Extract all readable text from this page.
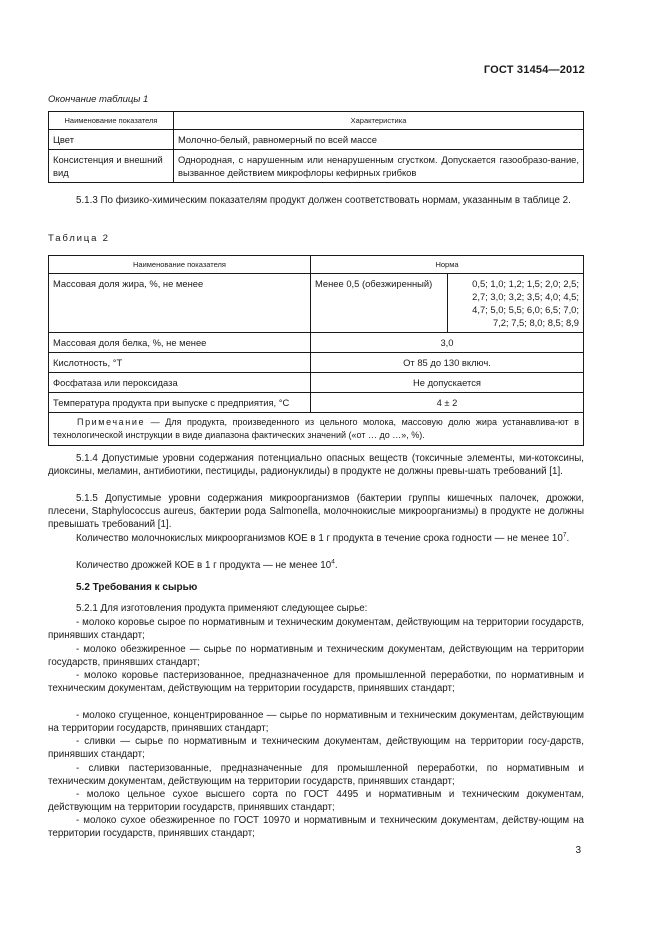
ГОСТ 31454—2012
Окончание таблицы 1
Наименование показателя	Характеристика
Цвет	Молочно-белый, равномерный по всей массе
Консистенция и внешний вид	Однородная, с нарушенным или ненарушенным сгустком. Допускается газообразо-вание, вызванное действием микрофлоры кефирных грибков

5.1.3 По физико-химическим показателям продукт должен соответствовать нормам, указанным в таблице 2.

Таблица 2
Наименование показателя	Норма	
Массовая доля жира, %, не менее	Менее 0,5 (обезжиренный)	0,5; 1,0; 1,2; 1,5; 2,0; 2,5;
2,7; 3,0; 3,2; 3,5; 4,0; 4,5;
4,7; 5,0; 5,5; 6,0; 6,5; 7,0;
7,2; 7,5; 8,0; 8,5; 8,9

Массовая доля белка, %, не менее	3,0	
Кислотность, °Т	От 85 до 130 включ.	
Фосфатаза или пероксидаза	Не допускается	
Температура продукта при выпуске с предприятия, °С	4 ± 2	
Примечание — Для продукта, произведенного из цельного молока, массовую долю жира устанавлива-ют в технологической инструкции в виде диапазона фактических значений («от … до …», %).		

5.1.4 Допустимые уровни содержания потенциально опасных веществ (токсичные элементы, ми-котоксины, диоксины, меламин, антибиотики, пестициды, радионуклиды) в продукте не должны превы-шать требований [1].

5.1.5 Допустимые уровни содержания микроорганизмов (бактерии группы кишечных палочек, дрожжи, плесени, Staphylococcus aureus, бактерии рода Salmonella, молочнокислые микроорганизмы) в продукте не должны превышать требований [1].

Количество молочнокислых микроорганизмов КОЕ в 1 г продукта в течение срока годности — не менее $10^7$.

Количество дрожжей КОЕ в 1 г продукта — не менее $10^4$.

5.2 Требования к сырью

5.2.1 Для изготовления продукта применяют следующее сырье:

- молоко коровье сырое по нормативным и техническим документам, действующим на территории государств, принявших стандарт;

- молоко обезжиренное — сырье по нормативным и техническим документам, действующим на территории государств, принявших стандарт;

- молоко коровье пастеризованное, предназначенное для промышленной переработки, по нормативным и техническим документам, действующим на территории государств, принявших стандарт;

- молоко сгущенное, концентрированное — сырье по нормативным и техническим документам, действующим на территории государств, принявших стандарт;

- сливки — сырье по нормативным и техническим документам, действующим на территории госу-дарств, принявших стандарт;

- сливки пастеризованные, предназначенные для промышленной переработки, по нормативным и техническим документам, действующим на территории государств, принявших стандарт;

- молоко цельное сухое высшего сорта по ГОСТ 4495 и нормативным и техническим документам, действующим на территории государств, принявших стандарт;

- молоко сухое обезжиренное по ГОСТ 10970 и нормативным и техническим документам, действу-ющим на территории государств, принявших стандарт;

3
